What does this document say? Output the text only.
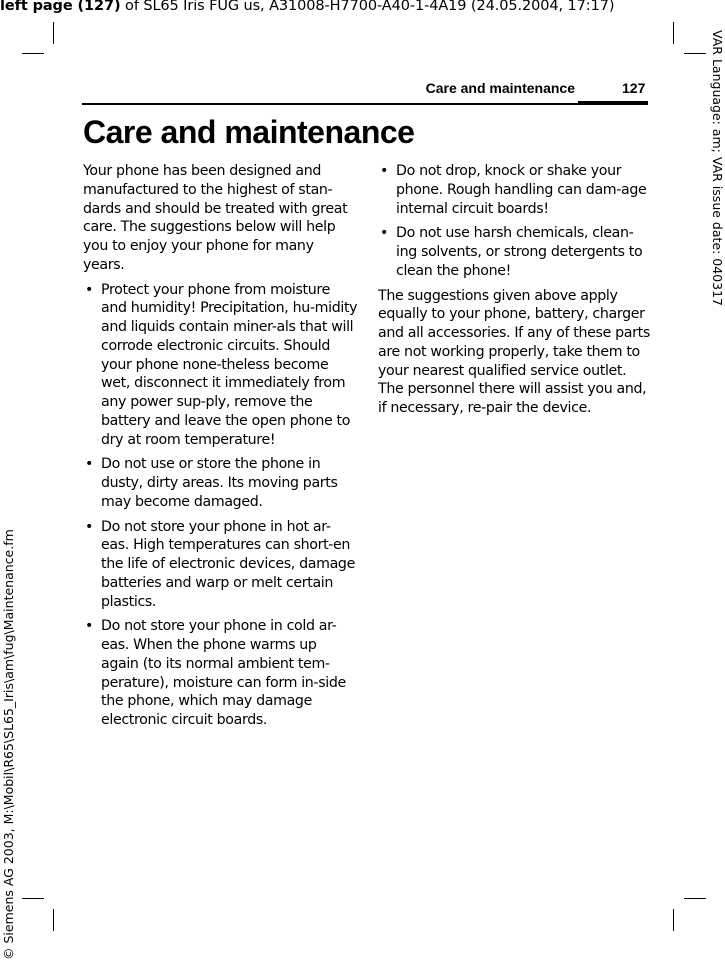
left page (127) of SL65 Iris FUG us, A31008-H7700-A40-1-4A19 (24.05.2004, 17:17)
VAR Language: am; VAR issue date: 040317
© Siemens AG 2003, M:\Mobil\R65\SL65_Iris\am\fug\Maintenance.fm
Care and maintenance	127
Care and maintenance

Your phone has been designed and manufactured to the highest of stan-dards and should be treated with great care. The suggestions below will help you to enjoy your phone for many years.

• Protect your phone from moisture and humidity! Precipitation, hu-midity and liquids contain miner-als that will corrode electronic circuits. Should your phone none-theless become wet, disconnect it immediately from any power sup-ply, remove the battery and leave the open phone to dry at room temperature!
• Do not use or store the phone in dusty, dirty areas. Its moving parts may become damaged.
• Do not store your phone in hot ar-eas. High temperatures can short-en the life of electronic devices, damage batteries and warp or melt certain plastics.
• Do not store your phone in cold ar-eas. When the phone warms up again (to its normal ambient tem-perature), moisture can form in-side the phone, which may damage electronic circuit boards.
• Do not drop, knock or shake your phone. Rough handling can dam-age internal circuit boards!
• Do not use harsh chemicals, clean-ing solvents, or strong detergents to clean the phone!

The suggestions given above apply equally to your phone, battery, charger and all accessories. If any of these parts are not working properly, take them to your nearest qualified service outlet. The personnel there will assist you and, if necessary, re-pair the device.
